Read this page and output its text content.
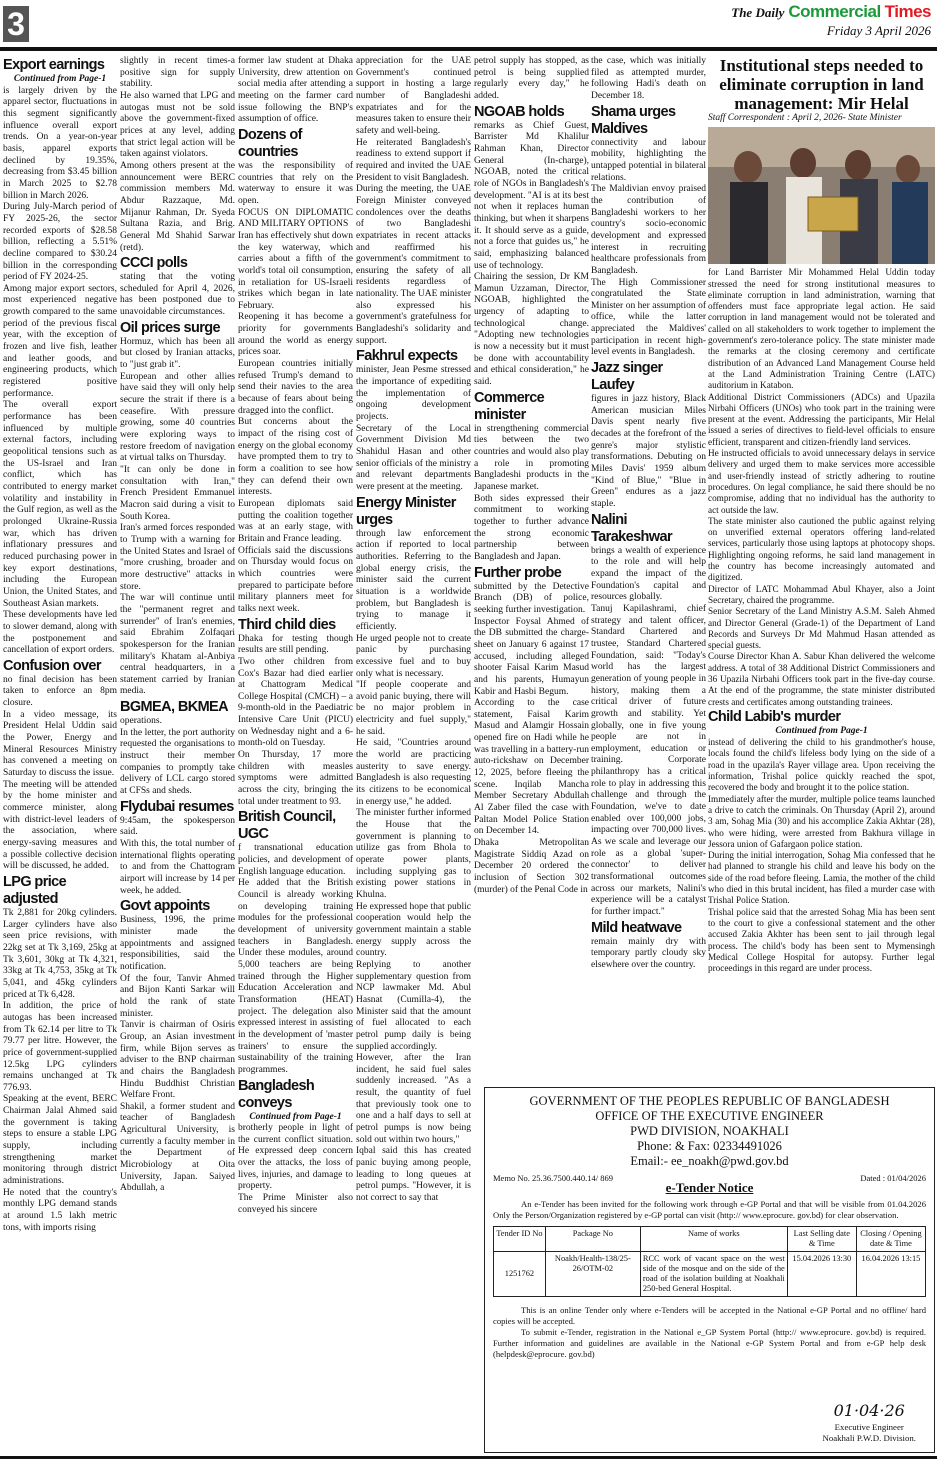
3	The Daily Commercial Times
Friday 3 April 2026
Export earnings
Continued from Page-1

is largely driven by the apparel sector, fluctuations in this segment significantly influence overall export trends. On a year-on-year basis, apparel exports declined by 19.35%, decreasing from $3.45 billion in March 2025 to $2.78 billion in March 2026.

During July-March period of FY 2025-26, the sector recorded exports of $28.58 billion, reflecting a 5.51% decline compared to $30.24 billion in the corresponding period of FY 2024-25.

Among major export sectors, most experienced negative growth compared to the same period of the previous fiscal year, with the exception of frozen and live fish, leather and leather goods, and engineering products, which registered positive performance.

The overall export performance has been influenced by multiple external factors, including geopolitical tensions such as the US-Israel and Iran conflict, which has contributed to energy market volatility and instability in the Gulf region, as well as the prolonged Ukraine-Russia war, which has driven inflationary pressures and reduced purchasing power in key export destinations, including the European Union, the United States, and Southeast Asian markets.

These developments have led to slower demand, along with the postponement and cancellation of export orders.

Confusion over

no final decision has been taken to enforce an 8pm closure.

In a video message, its President Helal Uddin said the Power, Energy and Mineral Resources Ministry has convened a meeting on Saturday to discuss the issue.

The meeting will be attended by the home minister and commerce minister, along with district-level leaders of the association, where energy-saving measures and a possible collective decision will be discussed, he added.

LPG price adjusted

Tk 2,881 for 20kg cylinders. Larger cylinders have also seen price revisions, with 22kg set at Tk 3,169, 25kg at Tk 3,601, 30kg at Tk 4,321, 33kg at Tk 4,753, 35kg at Tk 5,041, and 45kg cylinders priced at Tk 6,428.

In addition, the price of autogas has been increased from Tk 62.14 per litre to Tk 79.77 per litre. However, the price of government-supplied 12.5kg LPG cylinders remains unchanged at Tk 776.93.

Speaking at the event, BERC Chairman Jalal Ahmed said the government is taking steps to ensure a stable LPG supply, including strengthening market monitoring through district administrations.

He noted that the country's monthly LPG demand stands at around 1.5 lakh metric tons, with imports rising

slightly in recent times-a positive sign for supply stability.

He also warned that LPG and autogas must not be sold above the government-fixed prices at any level, adding that strict legal action will be taken against violators.

Among others present at the announcement were BERC commission members Md. Abdur Razzaque, Md. Mijanur Rahman, Dr. Syeda Sultana Razia, and Brig. General Md Shahid Sarwar (retd).

CCCI polls

stating that the voting scheduled for April 4, 2026, has been postponed due to unavoidable circumstances.

Oil prices surge

Hormuz, which has been all but closed by Iranian attacks, to "just grab it".

European and other allies have said they will only help secure the strait if there is a ceasefire. With pressure growing, some 40 countries were exploring ways to restore freedom of navigation at virtual talks on Thursday.

"It can only be done in consultation with Iran," French President Emmanuel Macron said during a visit to South Korea.

Iran's armed forces responded to Trump with a warning for the United States and Israel of "more crushing, broader and more destructive" attacks in store.

The war will continue until the "permanent regret and surrender" of Iran's enemies, said Ebrahim Zolfaqari spokesperson for the Iranian military's Khatam al-Anbiya central headquarters, in a statement carried by Iranian media.

BGMEA, BKMEA

operations.

In the letter, the port authority requested the organisations to instruct their member companies to promptly take delivery of LCL cargo stored at CFSs and sheds.

Flydubai resumes

9:45am, the spokesperson said.

With this, the total number of international flights operating to and from the Chattogram airport will increase by 14 per week, he added.

Govt appoints

Business, 1996, the prime minister made the appointments and assigned responsibilities, said the notification.

Of the four, Tanvir Ahmed and Bijon Kanti Sarkar will hold the rank of state minister.

Tanvir is chairman of Osiris Group, an Asian investment firm, while Bijon serves as adviser to the BNP chairman and chairs the Bangladesh Hindu Buddhist Christian Welfare Front.

Shakil, a former student and teacher of Bangladesh Agricultural University, is currently a faculty member in the Department of Microbiology at Oita University, Japan. Saiyed Abdullah, a

former law student at Dhaka University, drew attention on social media after attending a meeting on the farmer card issue following the BNP's assumption of office.

Dozens of countries

was the responsibility of countries that rely on the waterway to ensure it was open.

FOCUS ON DIPLOMATIC AND MILITARY OPTIONS

Iran has effectively shut down the key waterway, which carries about a fifth of the world's total oil consumption, in retaliation for US-Israeli strikes which began in late February.

Reopening it has become a priority for governments around the world as energy prices soar.

European countries initially refused Trump's demand to send their navies to the area because of fears about being dragged into the conflict.

But concerns about the impact of the rising cost of energy on the global economy have prompted them to try to form a coalition to see how they can defend their own interests.

European diplomats said putting the coalition together was at an early stage, with Britain and France leading.

Officials said the discussions on Thursday would focus on which countries were prepared to participate before military planners meet for talks next week.

Third child dies

Dhaka for testing though results are still pending.

Two other children from Cox's Bazar had died earlier at Chattogram Medical College Hospital (CMCH) – a 9-month-old in the Paediatric Intensive Care Unit (PICU) on Wednesday night and a 6-month-old on Tuesday.

On Thursday, 17 more children with measles symptoms were admitted across the city, bringing the total under treatment to 93.

British Council, UGC

f transnational education policies, and development of English language education.

He added that the British Council is already working on developing training modules for the professional development of university teachers in Bangladesh. Under these modules, around 5,000 teachers are being trained through the Higher Education Acceleration and Transformation (HEAT) project. The delegation also expressed interest in assisting in the development of 'master trainers' to ensure the sustainability of the training programmes.

Bangladesh conveys
Continued from Page-1

brotherly people in light of the current conflict situation. He expressed deep concern over the attacks, the loss of lives, injuries, and damage to property.

The Prime Minister also conveyed his sincere

appreciation for the UAE Government's continued support in hosting a large number of Bangladeshi expatriates and for the measures taken to ensure their safety and well-being.

He reiterated Bangladesh's readiness to extend support if required and invited the UAE President to visit Bangladesh.

During the meeting, the UAE Foreign Minister conveyed condolences over the deaths of two Bangladeshi expatriates in recent attacks and reaffirmed his government's commitment to ensuring the safety of all residents regardless of nationality. The UAE minister also expressed his government's gratefulness for Bangladeshi's solidarity and support.

Fakhrul expects

minister, Jean Pesme stressed the importance of expediting the implementation of ongoing development projects.

Secretary of the Local Government Division Md Shahidul Hasan and other senior officials of the ministry and relevant departments were present at the meeting.

Energy Minister urges

through law enforcement action if reported to local authorities. Referring to the global energy crisis, the minister said the current situation is a worldwide problem, but Bangladesh is trying to manage it efficiently.

He urged people not to create panic by purchasing excessive fuel and to buy only what is necessary.

"If people cooperate and avoid panic buying, there will be no major problem in electricity and fuel supply," he said.

He said, "Countries around the world are practicing austerity to save energy. Bangladesh is also requesting its citizens to be economical in energy use," he added.

The minister further informed the House that the government is planning to utilize gas from Bhola to operate power plants, including supplying gas to existing power stations in Khulna.

He expressed hope that public cooperation would help the government maintain a stable energy supply across the country.

Replying to another supplementary question from NCP lawmaker Md. Abul Hasnat (Cumilla-4), the Minister said that the amount of fuel allocated to each petrol pump daily is being supplied accordingly.

However, after the Iran incident, he said fuel sales suddenly increased. "As a result, the quantity of fuel that previously took one to one and a half days to sell at petrol pumps is now being sold out within two hours,"

Iqbal said this has created panic buying among people, leading to long queues at petrol pumps. "However, it is not correct to say that

petrol supply has stopped, as petrol is being supplied regularly every day," he added.

NGOAB holds

remarks as Chief Guest, Barrister Md Khalilur Rahman Khan, Director General (In-charge), NGOAB, noted the critical role of NGOs in Bangladesh's development. "AI is at its best not when it replaces human thinking, but when it sharpens it. It should serve as a guide, not a force that guides us," he said, emphasizing balanced use of technology.

Chairing the session, Dr KM Mamun Uzzaman, Director, NGOAB, highlighted the urgency of adapting to technological change. "Adopting new technologies is now a necessity but it must be done with accountability and ethical consideration," he said.

Commerce minister

in strengthening commercial ties between the two countries and would also play a role in promoting Bangladeshi products in the Japanese market.

Both sides expressed their commitment to working together to further advance the strong economic partnership between Bangladesh and Japan.

Further probe

submitted by the Detective Branch (DB) of police, seeking further investigation.

Inspector Foysal Ahmed of the DB submitted the charge-sheet on January 6 against 17 accused, including alleged shooter Faisal Karim Masud and his parents, Humayun Kabir and Hasbi Begum.

According to the case statement, Faisal Karim Masud and Alamgir Hossain opened fire on Hadi while he was travelling in a battery-run auto-rickshaw on December 12, 2025, before fleeing the scene. Inqilab Mancha Member Secretary Abdullah Al Zaber filed the case with Paltan Model Police Station on December 14.

Dhaka Metropolitan Magistrate Siddiq Azad on December 20 ordered the inclusion of Section 302 (murder) of the Penal Code in

the case, which was initially filed as attempted murder, following Hadi's death on December 18.

Shama urges Maldives

connectivity and labour mobility, highlighting the untapped potential in bilateral relations.

The Maldivian envoy praised the contribution of Bangladeshi workers to her country's socio-economic development and expressed interest in recruiting healthcare professionals from Bangladesh.

The High Commissioner congratulated the State Minister on her assumption of office, while the latter appreciated the Maldives' participation in recent high-level events in Bangladesh.

Jazz singer Laufey

figures in jazz history, Black American musician Miles Davis spent nearly five decades at the forefront of the genre's major stylistic transformations. Debuting on Miles Davis' 1959 album "Kind of Blue," "Blue in Green" endures as a jazz staple.

Nalini Tarakeshwar

brings a wealth of experience to the role and will help expand the impact of the Foundation's capital and resources globally.

Tanuj Kapilashrami, chief strategy and talent officer, Standard Chartered and trustee, Standard Chartered Foundation, said: "Today's world has the largest generation of young people in history, making them a critical driver of future growth and stability. Yet globally, one in five young people are not in employment, education or training. Corporate philanthropy has a critical role to play in addressing this challenge and through the Foundation, we've to date enabled over 100,000 jobs, impacting over 700,000 lives. As we scale and leverage our role as a global 'super-connector' to deliver transformational outcomes across our markets, Nalini's experience will be a catalyst for further impact."

Mild heatwave

remain mainly dry with temporary partly cloudy sky elsewhere over the country.

Institutional steps needed to eliminate corruption in land management: Mir Helal
Staff Correspondent : April 2, 2026- State Minister

for Land Barrister Mir Mohammed Helal Uddin today stressed the need for strong institutional measures to eliminate corruption in land administration, warning that offenders must face appropriate legal action. He said corruption in land management would not be tolerated and called on all stakeholders to work together to implement the government's zero-tolerance policy. The state minister made the remarks at the closing ceremony and certificate distribution of an Advanced Land Management Course held at the Land Administration Training Centre (LATC) auditorium in Katabon.

Additional District Commissioners (ADCs) and Upazila Nirbahi Officers (UNOs) who took part in the training were present at the event. Addressing the participants, Mir Helal issued a series of directives to field-level officials to ensure efficient, transparent and citizen-friendly land services.

He instructed officials to avoid unnecessary delays in service delivery and urged them to make services more accessible and user-friendly instead of strictly adhering to routine procedures. On legal compliance, he said there should be no compromise, adding that no individual has the authority to act outside the law.

The state minister also cautioned the public against relying on unverified external operators offering land-related services, particularly those using laptops at photocopy shops. Highlighting ongoing reforms, he said land management in the country has become increasingly automated and digitized.

Director of LATC Mohammad Abul Khayer, also a Joint Secretary, chaired the programme.

Senior Secretary of the Land Ministry A.S.M. Saleh Ahmed and Director General (Grade-1) of the Department of Land Records and Surveys Dr Md Mahmud Hasan attended as special guests.

Course Director Khan A. Sabur Khan delivered the welcome address. A total of 38 Additional District Commissioners and 36 Upazila Nirbahi Officers took part in the five-day course. At the end of the programme, the state minister distributed crests and certificates among outstanding trainees.

Child Labib's murder
Continued from Page-1

instead of delivering the child to his grandmother's house, locals found the child's lifeless body lying on the side of a road in the upazila's Rayer village area. Upon receiving the information, Trishal police quickly reached the spot, recovered the body and brought it to the police station.

Immediately after the murder, multiple police teams launched a drive to catch the criminals. On Thursday (April 2), around 3 am, Sohag Mia (30) and his accomplice Zakia Akhtar (28), who were hiding, were arrested from Bakhura village in Jessora union of Gafargaon police station.

During the initial interrogation, Sohag Mia confessed that he had planned to strangle his child and leave his body on the side of the road before fleeing. Lamia, the mother of the child who died in this brutal incident, has filed a murder case with Trishal Police Station.

Trishal police said that the arrested Sohag Mia has been sent to the court to give a confessional statement and the other accused Zakia Akhter has been sent to jail through legal process. The child's body has been sent to Mymensingh Medical College Hospital for autopsy. Further legal proceedings in this regard are under process.

GOVERNMENT OF THE PEOPLES REPUBLIC OF BANGLADESH
OFFICE OF THE EXECUTIVE ENGINEER
PWD DIVISION, NOAKHALI
Phone: & Fax: 02334491026
Email:- ee_noakh@pwd.gov.bd
Memo No. 25.36.7500.440.14/ 869	Dated : 01/04/2026
e-Tender Notice
An e-Tender has been invited for the following work through e-GP Portal and that will be visible from 01.04.2026 Only the Person/Organization registered by e-GP portal can visit (http:// www.eprocure. gov.bd) for clear observation.
Tender ID No	Package No	Name of works	Last Selling date & Time	Closing / Opening date & Time
1251762	Noakh/Health-138/25-26/OTM-02	RCC work of vacant space on the west side of the mosque and on the side of the road of the isolation building at Noakhali 250-bed General Hospital.	15.04.2026 13:30	16.04.2026 13:15
This is an online Tender only where e-Tenders will be accepted in the National e-GP Portal and no offline/ hard copies will be accepted.
To submit e-Tender, registration in the National e_GP System Portal (http:// www.eprocure. gov.bd) is required. Further information and guidelines are available in the National e-GP System Portal and from e-GP help desk (helpdesk@eprocure. gov.bd)
01·04·26
Executive Engineer
Noakhali P.W.D. Division.
